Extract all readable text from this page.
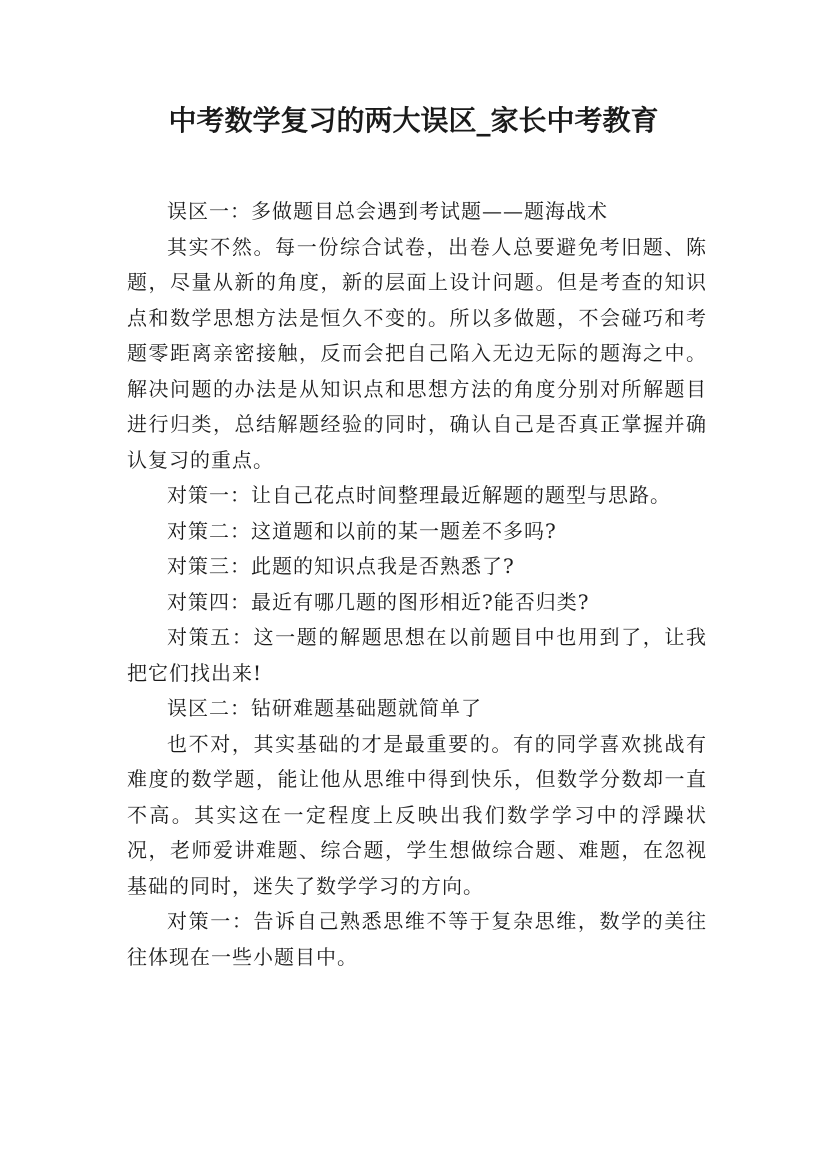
中考数学复习的两大误区_家长中考教育

误区一：多做题目总会遇到考试题——题海战术

其实不然。每一份综合试卷，出卷人总要避免考旧题、陈题，尽量从新的角度，新的层面上设计问题。但是考查的知识点和数学思想方法是恒久不变的。所以多做题，不会碰巧和考题零距离亲密接触，反而会把自己陷入无边无际的题海之中。解决问题的办法是从知识点和思想方法的角度分别对所解题目进行归类，总结解题经验的同时，确认自己是否真正掌握并确认复习的重点。

对策一：让自己花点时间整理最近解题的题型与思路。

对策二：这道题和以前的某一题差不多吗?

对策三：此题的知识点我是否熟悉了?

对策四：最近有哪几题的图形相近?能否归类?

对策五：这一题的解题思想在以前题目中也用到了，让我把它们找出来!

误区二：钻研难题基础题就简单了

也不对，其实基础的才是最重要的。有的同学喜欢挑战有难度的数学题，能让他从思维中得到快乐，但数学分数却一直不高。其实这在一定程度上反映出我们数学学习中的浮躁状况，老师爱讲难题、综合题，学生想做综合题、难题，在忽视基础的同时，迷失了数学学习的方向。

对策一：告诉自己熟悉思维不等于复杂思维，数学的美往往体现在一些小题目中。
